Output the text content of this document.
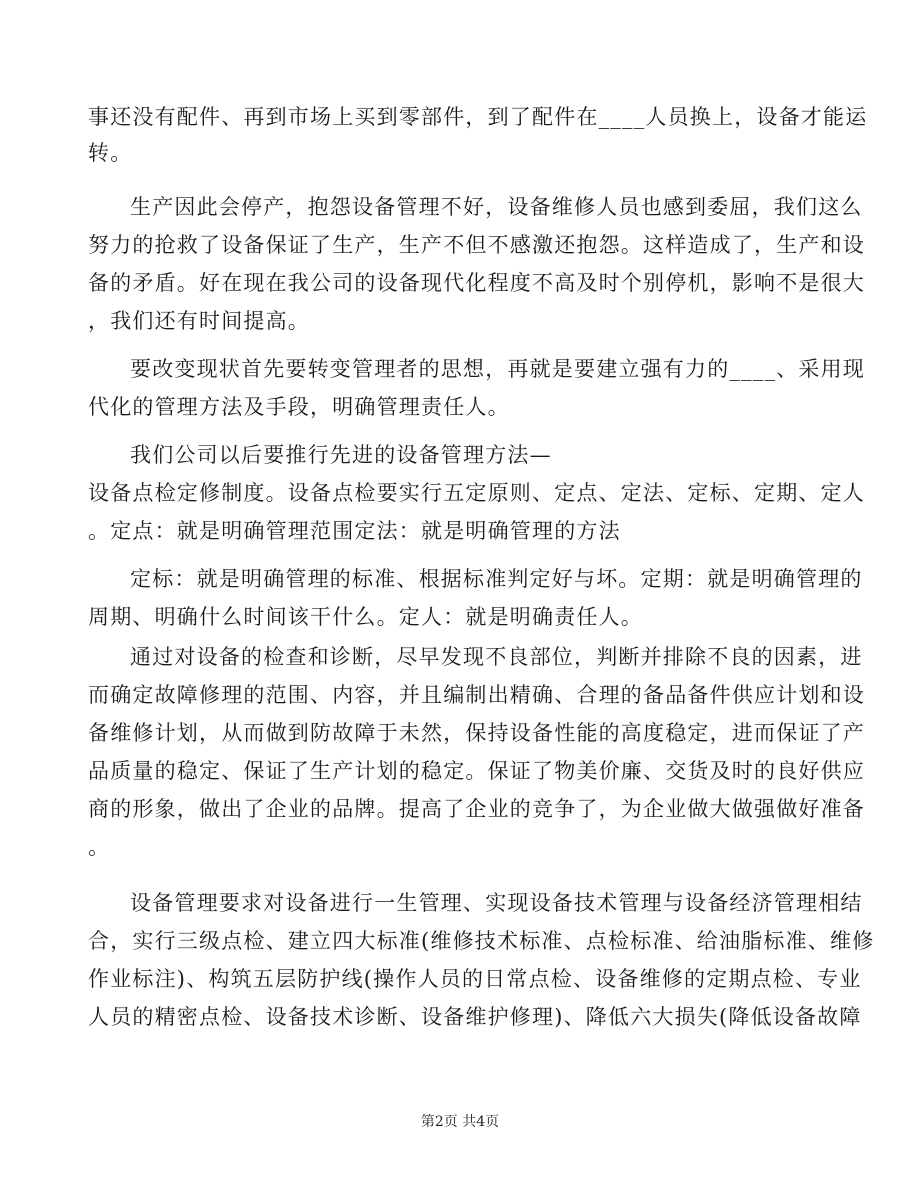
事还没有配件、再到市场上买到零部件，到了配件在____人员换上，设备才能运
转。
生产因此会停产，抱怨设备管理不好，设备维修人员也感到委屈，我们这么
努力的抢救了设备保证了生产，生产不但不感激还抱怨。这样造成了，生产和设
备的矛盾。好在现在我公司的设备现代化程度不高及时个别停机，影响不是很大
，我们还有时间提高。
要改变现状首先要转变管理者的思想，再就是要建立强有力的____、采用现
代化的管理方法及手段，明确管理责任人。
我们公司以后要推行先进的设备管理方法—
设备点检定修制度。设备点检要实行五定原则、定点、定法、定标、定期、定人
。定点：就是明确管理范围定法：就是明确管理的方法
定标：就是明确管理的标准、根据标准判定好与坏。定期：就是明确管理的
周期、明确什么时间该干什么。定人：就是明确责任人。
通过对设备的检查和诊断，尽早发现不良部位，判断并排除不良的因素，进
而确定故障修理的范围、内容，并且编制出精确、合理的备品备件供应计划和设
备维修计划，从而做到防故障于未然，保持设备性能的高度稳定，进而保证了产
品质量的稳定、保证了生产计划的稳定。保证了物美价廉、交货及时的良好供应
商的形象，做出了企业的品牌。提高了企业的竞争了，为企业做大做强做好准备
。
设备管理要求对设备进行一生管理、实现设备技术管理与设备经济管理相结
合，实行三级点检、建立四大标准(维修技术标准、点检标准、给油脂标准、维修
作业标注)、构筑五层防护线(操作人员的日常点检、设备维修的定期点检、专业
人员的精密点检、设备技术诊断、设备维护修理)、降低六大损失(降低设备故障
第2页 共4页
